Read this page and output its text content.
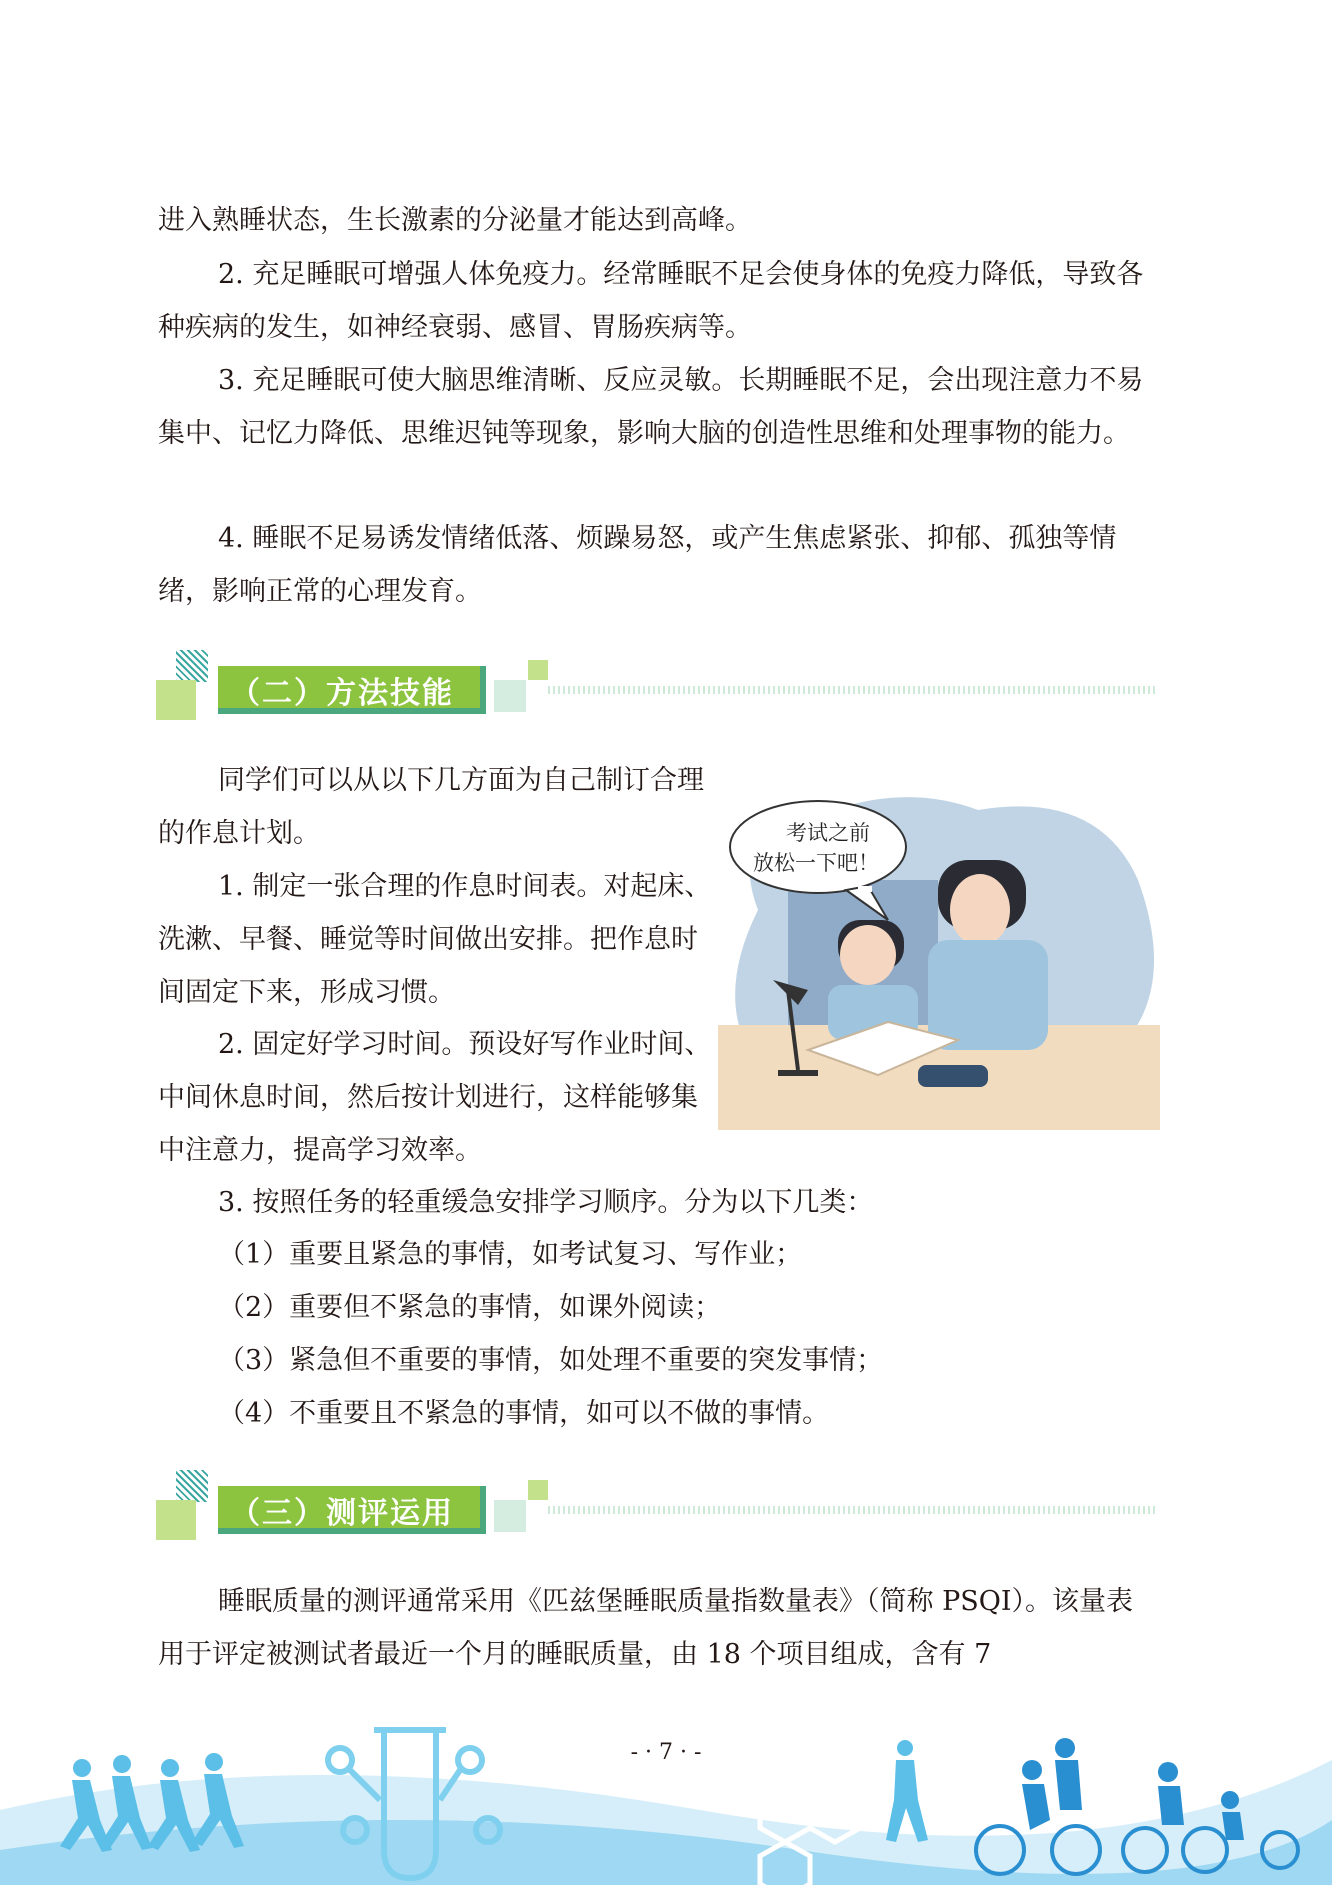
进入熟睡状态，生长激素的分泌量才能达到高峰。

2. 充足睡眠可增强人体免疫力。经常睡眠不足会使身体的免疫力降低，导致各种疾病的发生，如神经衰弱、感冒、胃肠疾病等。

3. 充足睡眠可使大脑思维清晰、反应灵敏。长期睡眠不足，会出现注意力不易集中、记忆力降低、思维迟钝等现象，影响大脑的创造性思维和处理事物的能力。

4. 睡眠不足易诱发情绪低落、烦躁易怒，或产生焦虑紧张、抑郁、孤独等情绪，影响正常的心理发育。

（二）方法技能

同学们可以从以下几方面为自己制订合理的作息计划。

1. 制定一张合理的作息时间表。对起床、洗漱、早餐、睡觉等时间做出安排。把作息时间固定下来，形成习惯。

2. 固定好学习时间。预设好写作业时间、中间休息时间，然后按计划进行，这样能够集中注意力，提高学习效率。

3. 按照任务的轻重缓急安排学习顺序。分为以下几类：

（1）重要且紧急的事情，如考试复习、写作业；

（2）重要但不紧急的事情，如课外阅读；

（3）紧急但不重要的事情，如处理不重要的突发事情；

（4）不重要且不紧急的事情，如可以不做的事情。

考试之前
放松一下吧！
（三）测评运用

睡眠质量的测评通常采用《匹兹堡睡眠质量指数量表》（简称 PSQI）。该量表用于评定被测试者最近一个月的睡眠质量，由 18 个项目组成，含有 7

- · 7 · -
